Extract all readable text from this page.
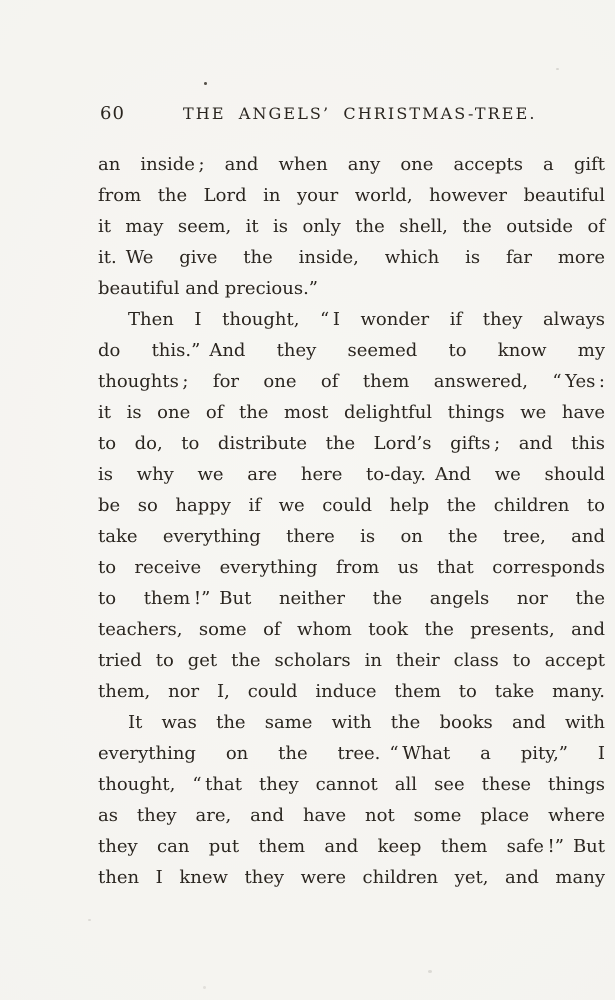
60	THE ANGELS’ CHRISTMAS-TREE.
an inside ; and when any one accepts a gift
from the Lord in your world, however beautiful
it may seem, it is only the shell, the outside of
it. We give the inside, which is far more
beautiful and precious.”
Then I thought, “ I wonder if they always
do this.” And they seemed to know my
thoughts ; for one of them answered, “ Yes :
it is one of the most delightful things we have
to do, to distribute the Lord’s gifts ; and this
is why we are here to-day. And we should
be so happy if we could help the children to
take everything there is on the tree, and
to receive everything from us that corresponds
to them !” But neither the angels nor the
teachers, some of whom took the presents, and
tried to get the scholars in their class to accept
them, nor I, could induce them to take many.
It was the same with the books and with
everything on the tree. “ What a pity,” I
thought, “ that they cannot all see these things
as they are, and have not some place where
they can put them and keep them safe !” But
then I knew they were children yet, and many
